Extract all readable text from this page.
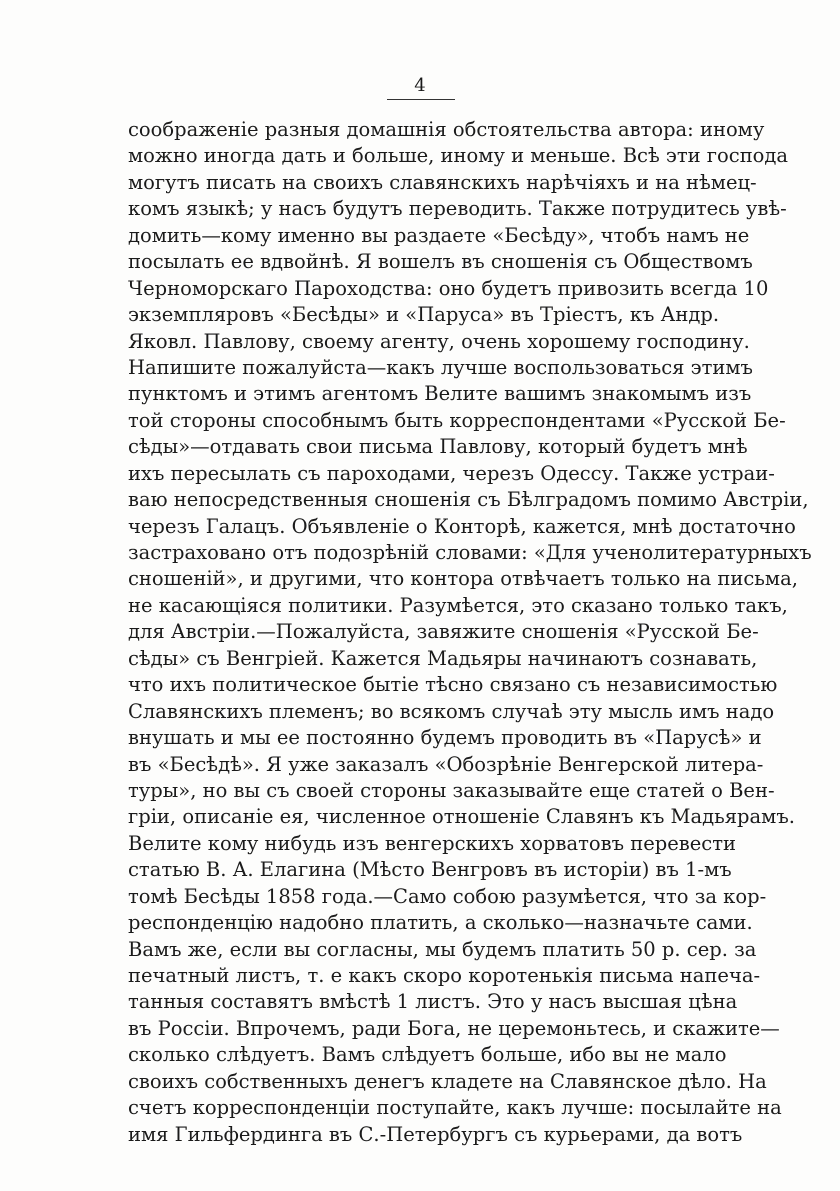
4
соображенiе разныя домашнiя обстоятельства автора: иному
можно иногда дать и больше, иному и меньше. Всѣ эти господа
могутъ писать на своихъ славянскихъ нарѣчiяхъ и на нѣмец-
комъ языкѣ; у насъ будутъ переводить. Также потрудитесь увѣ-
домить—кому именно вы раздаете «Бесѣду», чтобъ намъ не
посылать ее вдвойнѣ. Я вошелъ въ сношенiя съ Обществомъ
Черноморскаго Пароходства: оно будетъ привозить всегда 10
экземпляровъ «Бесѣды» и «Паруса» въ Трiестъ, къ Андр.
Яковл. Павлову, своему агенту, очень хорошему господину.
Напишите пожалуйста—какъ лучше воспользоваться этимъ
пунктомъ и этимъ агентомъ Велите вашимъ знакомымъ изъ
той стороны способнымъ быть корреспондентами «Русской Бе-
сѣды»—отдавать свои письма Павлову, который будетъ мнѣ
ихъ пересылать съ пароходами, черезъ Одессу. Также устраи-
ваю непосредственныя сношенiя съ Бѣлградомъ помимо Австрiи,
черезъ Галацъ. Объявленiе о Конторѣ, кажется, мнѣ достаточно
застраховано отъ подозрѣнiй словами: «Для ученолитературныхъ
сношенiй», и другими, что контора отвѣчаетъ только на письма,
не касающiяся политики. Разумѣется, это сказано только такъ,
для Австрiи.—Пожалуйста, завяжите сношенiя «Русской Бе-
сѣды» съ Венгрiей. Кажется Мадьяры начинаютъ сознавать,
что ихъ политическое бытiе тѣсно связано съ независимостью
Славянскихъ племенъ; во всякомъ случаѣ эту мысль имъ надо
внушать и мы ее постоянно будемъ проводить въ «Парусѣ» и
въ «Бесѣдѣ». Я уже заказалъ «Обозрѣнiе Венгерской литера-
туры», но вы съ своей стороны заказывайте еще статей о Вен-
грiи, описанiе ея, численное отношенiе Славянъ къ Мадьярамъ.
Велите кому нибудь изъ венгерскихъ хорватовъ перевести
статью В. А. Елагина (Мѣсто Венгровъ въ исторiи) въ 1-мъ
томѣ Бесѣды 1858 года.—Само собою разумѣется, что за кор-
респонденцiю надобно платить, а сколько—назначьте сами.
Вамъ же, если вы согласны, мы будемъ платить 50 р. сер. за
печатный листъ, т. е какъ скоро коротенькiя письма напеча-
танныя составятъ вмѣстѣ 1 листъ. Это у насъ высшая цѣна
въ Россiи. Впрочемъ, ради Бога, не церемоньтесь, и скажите—
сколько слѣдуетъ. Вамъ слѣдуетъ больше, ибо вы не мало
своихъ собственныхъ денегъ кладете на Славянское дѣло. На
счетъ корреспонденцiи поступайте, какъ лучше: посылайте на
имя Гильфердинга въ С.-Петербургъ съ курьерами, да вотъ
